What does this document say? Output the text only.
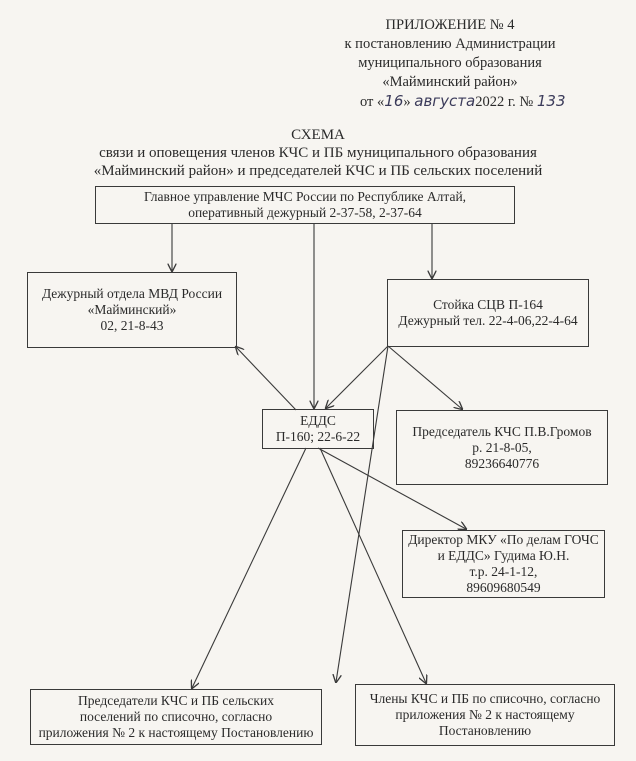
ПРИЛОЖЕНИЕ № 4
к постановлению Администрации
муниципального образования
«Майминский район»
от «16» августа2022 г. № 133
СХЕМА
связи и оповещения членов КЧС и ПБ муниципального образования
«Майминский район» и председателей КЧС и ПБ сельских поселений
Главное управление МЧС России по Республике Алтай,
оперативный дежурный 2-37-58, 2-37-64
Дежурный отдела МВД России
«Майминский»
02, 21-8-43
Стойка СЦВ П-164
Дежурный тел. 22-4-06,22-4-64
ЕДДС
П-160; 22-6-22	Председатель КЧС П.В.Громов
р. 21-8-05,
89236640776
Директор МКУ «По делам ГОЧС
и ЕДДС» Гудима Ю.Н.
т.р. 24-1-12,
89609680549
Председатели КЧС и ПБ сельских
поселений по списочно, согласно
приложения № 2 к настоящему Постановлению
Члены КЧС и ПБ по списочно, согласно
приложения № 2 к настоящему
Постановлению
